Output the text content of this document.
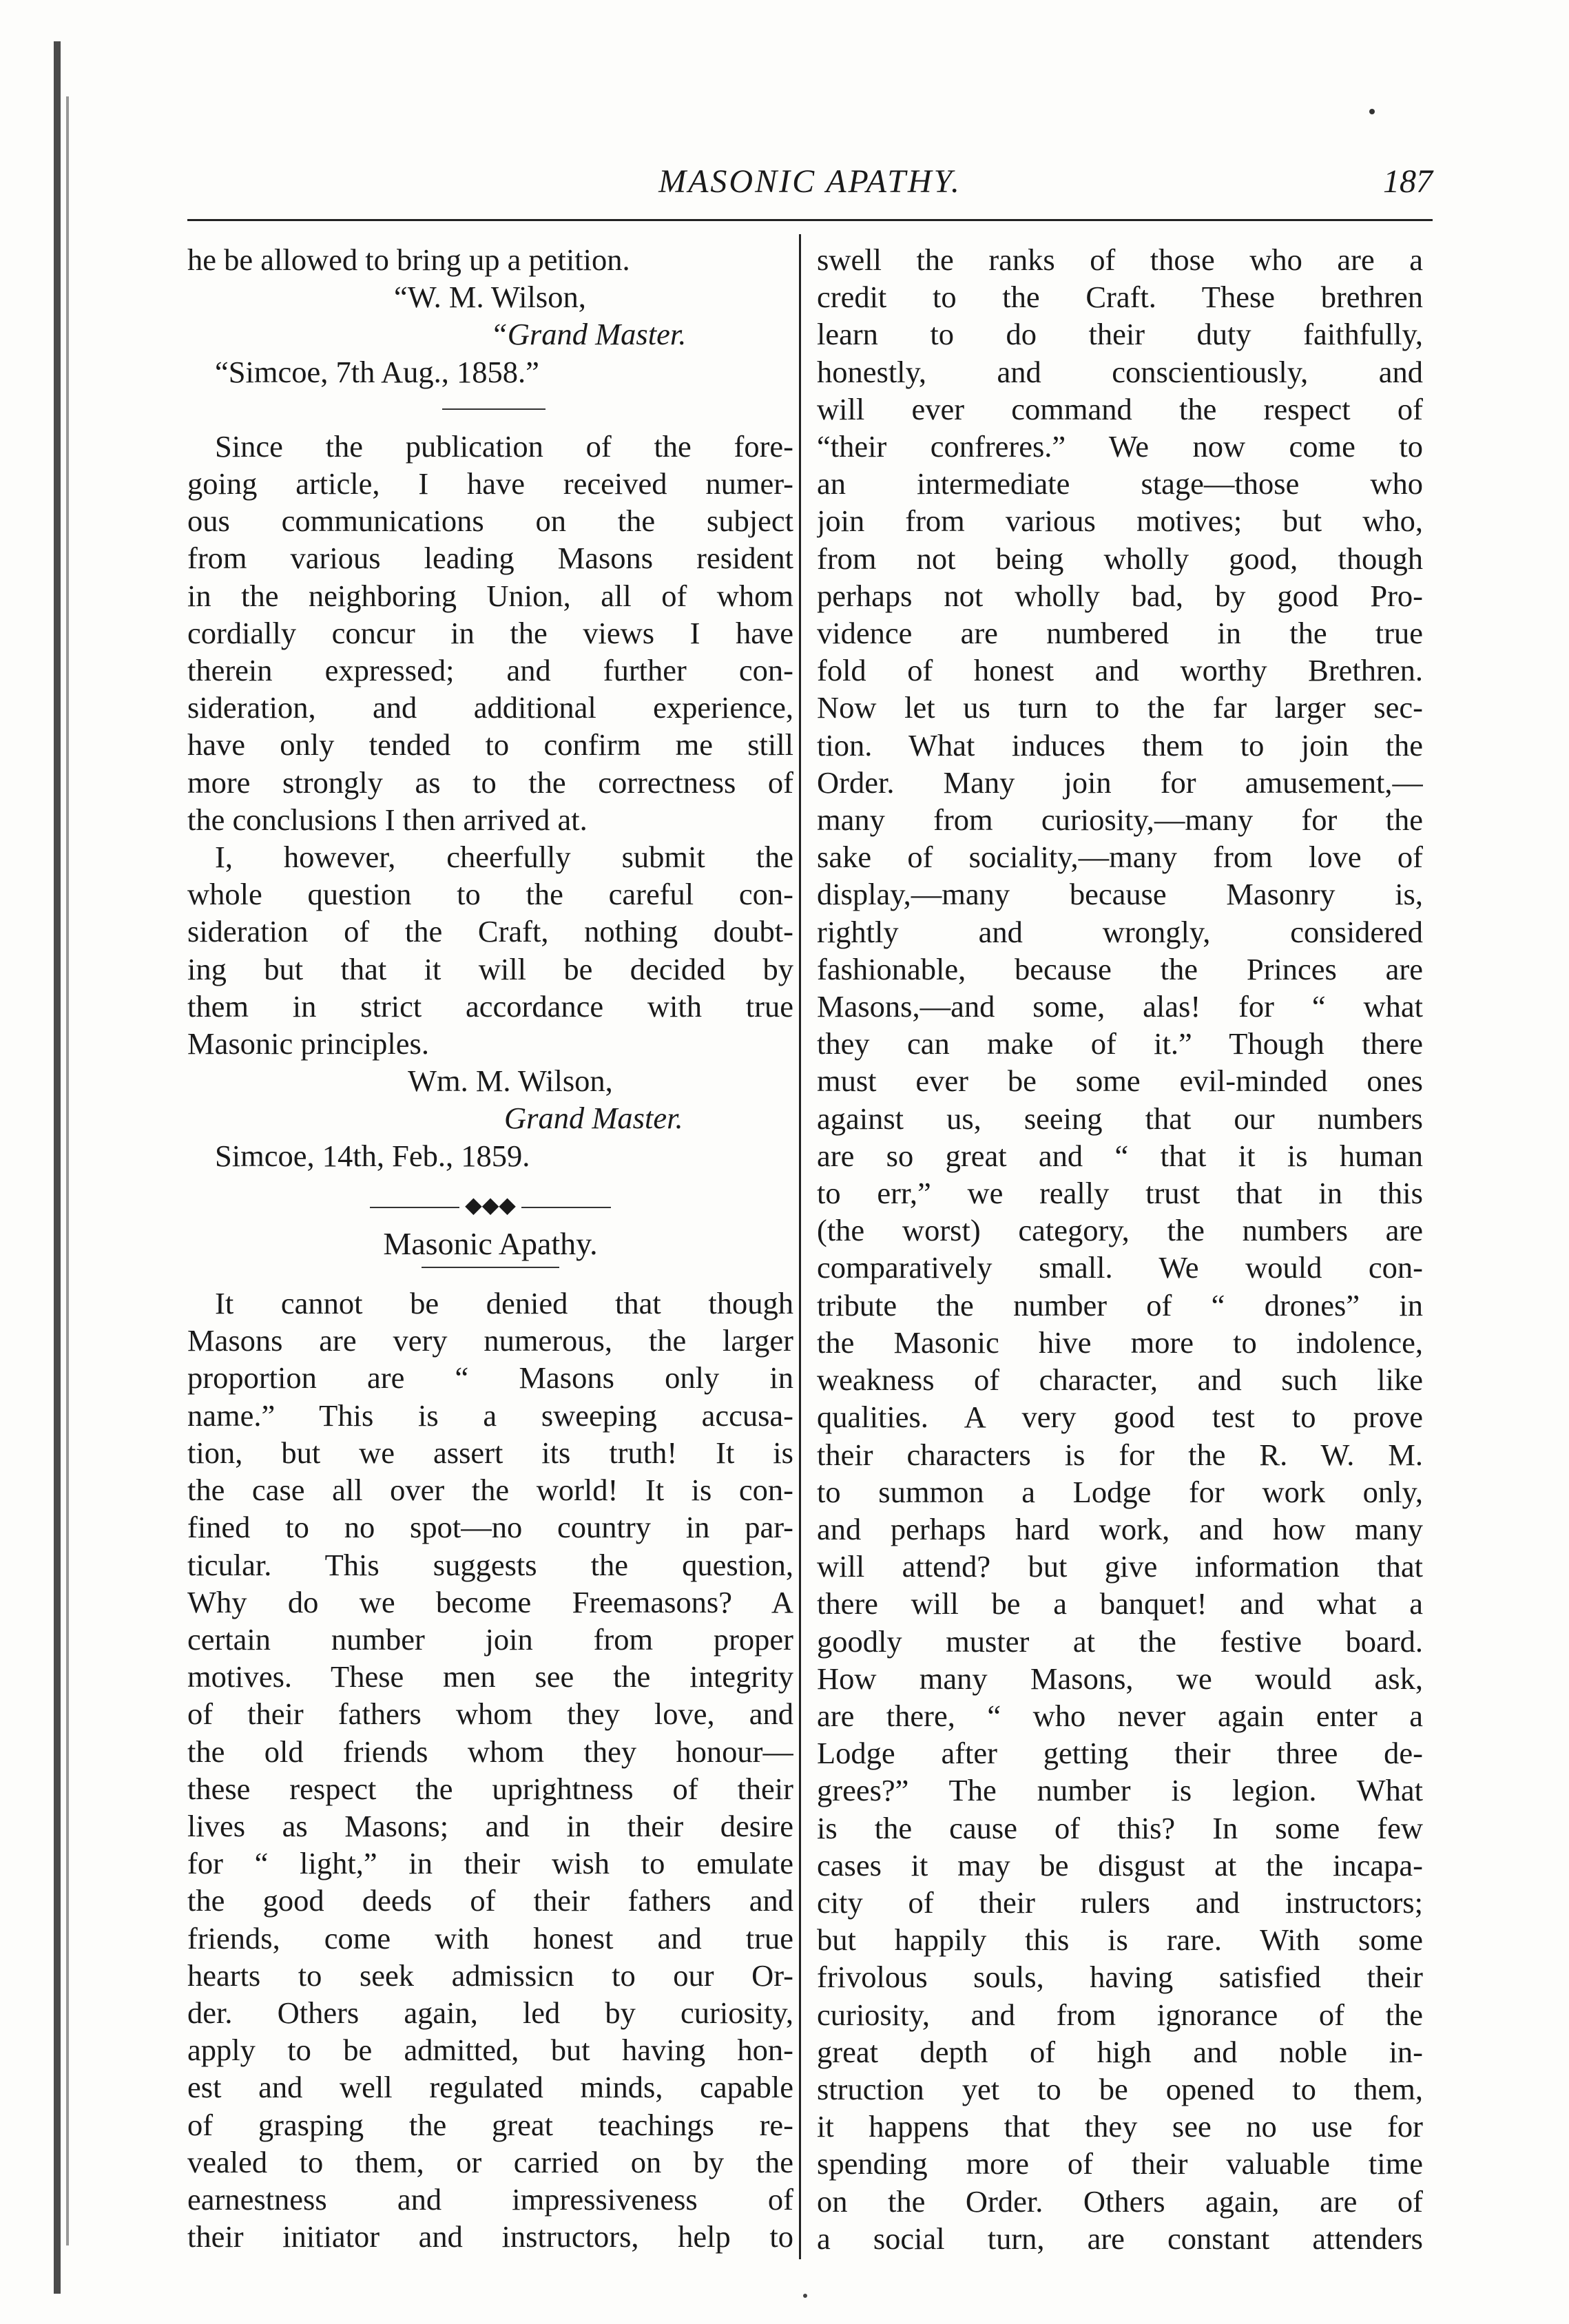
MASONIC APATHY.	187
he be allowed to bring up a petition.
“W. M. Wilson,
“Grand Master.
“Simcoe, 7th Aug., 1858.”
Since the publication of the fore-
going article, I have received numer-
ous communications on the subject
from various leading Masons resident
in the neighboring Union, all of whom
cordially concur in the views I have
therein expressed; and further con-
sideration, and additional experience,
have only tended to confirm me still
more strongly as to the correctness of
the conclusions I then arrived at.
I, however, cheerfully submit the
whole question to the careful con-
sideration of the Craft, nothing doubt-
ing but that it will be decided by
them in strict accordance with true
Masonic principles.
Wm. M. Wilson,
Grand Master.
Simcoe, 14th, Feb., 1859.
◆◆◆
Masonic Apathy.
It cannot be denied that though
Masons are very numerous, the larger
proportion are “ Masons only in
name.” This is a sweeping accusa-
tion, but we assert its truth! It is
the case all over the world! It is con-
fined to no spot—no country in par-
ticular. This suggests the question,
Why do we become Freemasons? A
certain number join from proper
motives. These men see the integrity
of their fathers whom they love, and
the old friends whom they honour—
these respect the uprightness of their
lives as Masons; and in their desire
for “ light,” in their wish to emulate
the good deeds of their fathers and
friends, come with honest and true
hearts to seek admissicn to our Or-
der. Others again, led by curiosity,
apply to be admitted, but having hon-
est and well regulated minds, capable
of grasping the great teachings re-
vealed to them, or carried on by the
earnestness and impressiveness of
their initiator and instructors, help to
swell the ranks of those who are a
credit to the Craft. These brethren
learn to do their duty faithfully,
honestly, and conscientiously, and
will ever command the respect of
“their confreres.” We now come to
an intermediate stage—those who
join from various motives; but who,
from not being wholly good, though
perhaps not wholly bad, by good Pro-
vidence are numbered in the true
fold of honest and worthy Brethren.
Now let us turn to the far larger sec-
tion. What induces them to join the
Order. Many join for amusement,—
many from curiosity,—many for the
sake of sociality,—many from love of
display,—many because Masonry is,
rightly and wrongly, considered
fashionable, because the Princes are
Masons,—and some, alas! for “ what
they can make of it.” Though there
must ever be some evil-minded ones
against us, seeing that our numbers
are so great and “ that it is human
to err,” we really trust that in this
(the worst) category, the numbers are
comparatively small. We would con-
tribute the number of “ drones” in
the Masonic hive more to indolence,
weakness of character, and such like
qualities. A very good test to prove
their characters is for the R. W. M.
to summon a Lodge for work only,
and perhaps hard work, and how many
will attend? but give information that
there will be a banquet! and what a
goodly muster at the festive board.
How many Masons, we would ask,
are there, “ who never again enter a
Lodge after getting their three de-
grees?” The number is legion. What
is the cause of this? In some few
cases it may be disgust at the incapa-
city of their rulers and instructors;
but happily this is rare. With some
frivolous souls, having satisfied their
curiosity, and from ignorance of the
great depth of high and noble in-
struction yet to be opened to them,
it happens that they see no use for
spending more of their valuable time
on the Order. Others again, are of
a social turn, are constant attenders
